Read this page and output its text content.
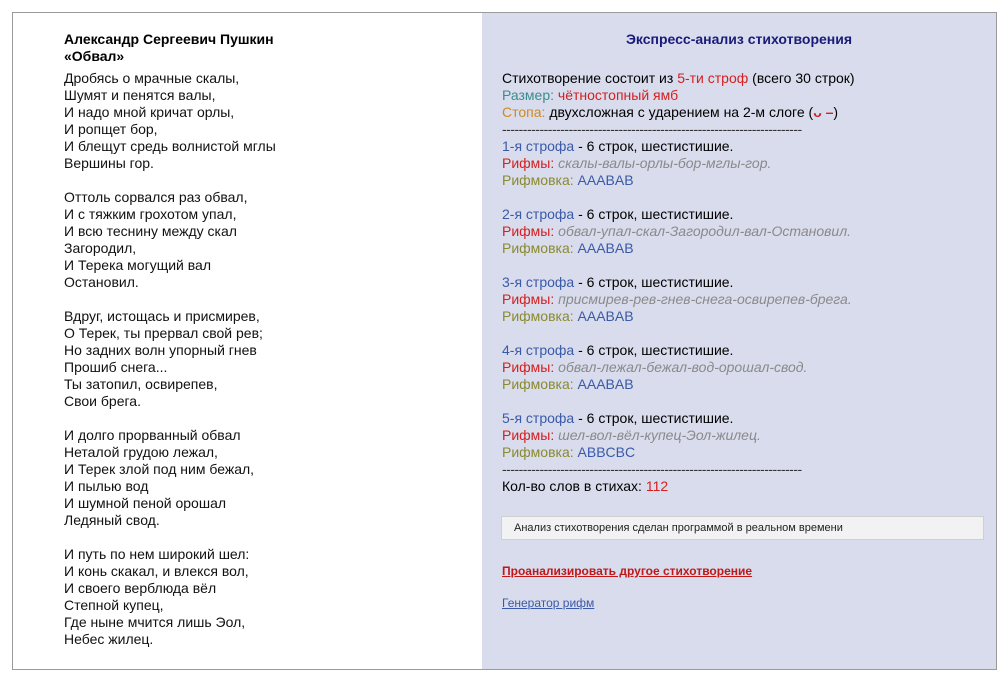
Александр Сергеевич Пушкин
«Обвал»
Дробясь о мрачные скалы,
Шумят и пенятся валы,
И надо мной кричат орлы,
И ропщет бор,
И блещут средь волнистой мглы
Вершины гор.
Оттоль сорвался раз обвал,
И с тяжким грохотом упал,
И всю теснину между скал
Загородил,
И Терека могущий вал
Остановил.
Вдруг, истощась и присмирев,
О Терек, ты прервал свой рев;
Но задних волн упорный гнев
Прошиб снега...
Ты затопил, освирепев,
Свои брега.
И долго прорванный обвал
Неталой грудою лежал,
И Терек злой под ним бежал,
И пылью вод
И шумной пеной орошал
Ледяный свод.
И путь по нем широкий шел:
И конь скакал, и влекся вол,
И своего верблюда вёл
Степной купец,
Где ныне мчится лишь Эол,
Небес жилец.
Экспресс-анализ стихотворения
Стихотворение состоит из 5-ти строф (всего 30 строк)
Размер: чётностопный ямб
Стопа: двухсложная с ударением на 2-м слоге (ᴗ –)
------------------------------------------------------------------------
1-я строфа - 6 строк, шестистишие.
Рифмы: скалы-валы-орлы-бор-мглы-гор.
Рифмовка: AAABAB
2-я строфа - 6 строк, шестистишие.
Рифмы: обвал-упал-скал-Загородил-вал-Остановил.
Рифмовка: AAABAB
3-я строфа - 6 строк, шестистишие.
Рифмы: присмирев-рев-гнев-снега-освирепев-брега.
Рифмовка: AAABAB
4-я строфа - 6 строк, шестистишие.
Рифмы: обвал-лежал-бежал-вод-орошал-свод.
Рифмовка: AAABAB
5-я строфа - 6 строк, шестистишие.
Рифмы: шел-вол-вёл-купец-Эол-жилец.
Рифмовка: ABBCBC
------------------------------------------------------------------------
Кол-во слов в стихах: 112
Анализ стихотворения сделан программой в реальном времени
Проанализировать другое стихотворение
Генератор рифм
